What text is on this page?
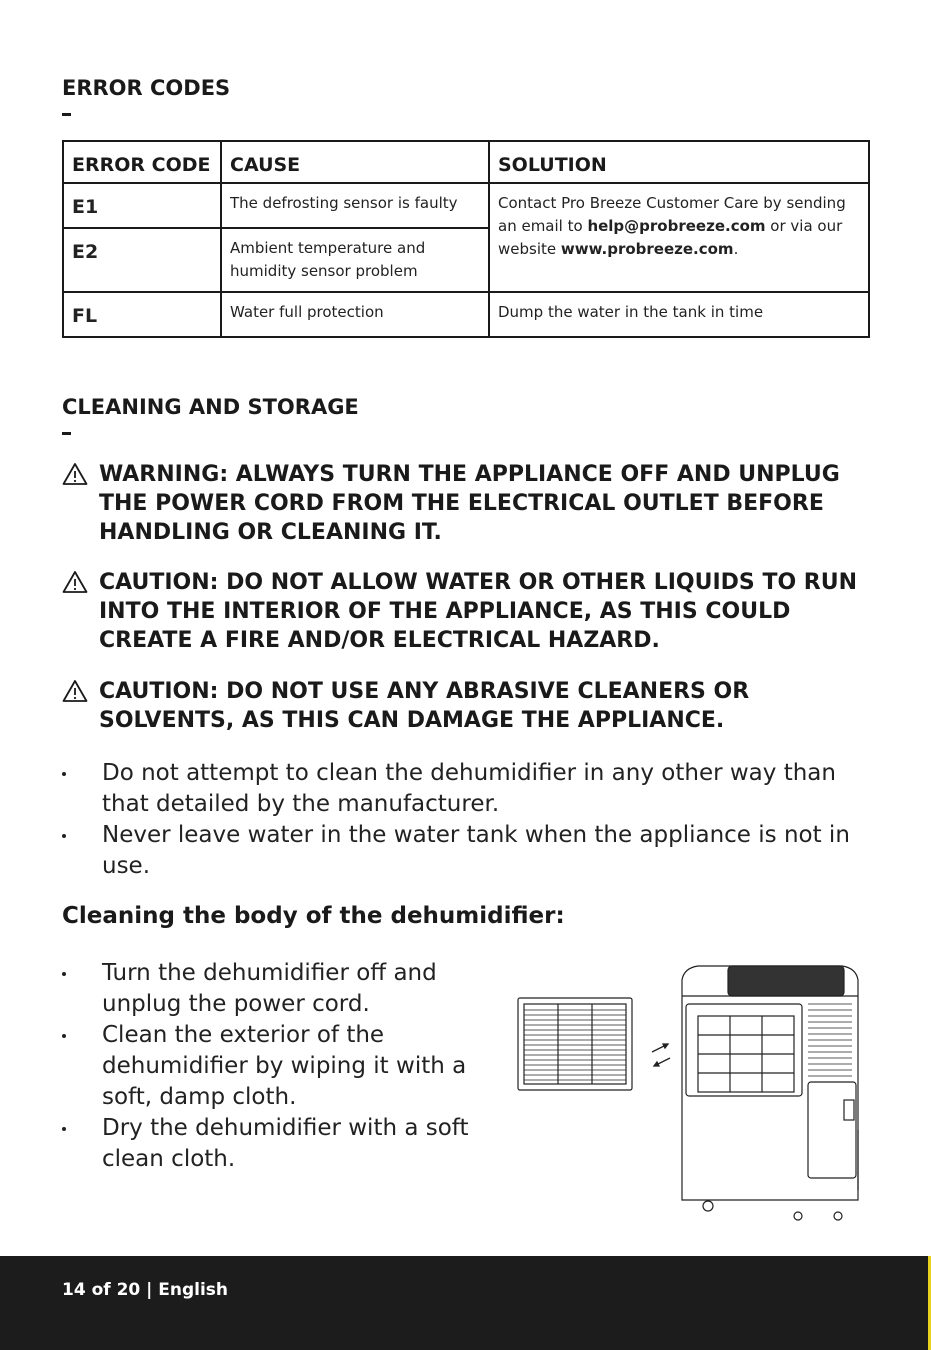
ERROR CODES
ERROR CODE	CAUSE	SOLUTION
E1	The defrosting sensor is faulty	Contact Pro Breeze Customer Care by sending an email to help@probreeze.com or via our website www.probreeze.com.
E2	Ambient temperature and humidity sensor problem	
FL	Water full protection	Dump the water in the tank in time
CLEANING AND STORAGE
WARNING: ALWAYS TURN THE APPLIANCE OFF AND UNPLUG THE POWER CORD FROM THE ELECTRICAL OUTLET BEFORE HANDLING OR CLEANING IT.
CAUTION: DO NOT ALLOW WATER OR OTHER LIQUIDS TO RUN INTO THE INTERIOR OF THE APPLIANCE, AS THIS COULD CREATE A FIRE AND/OR ELECTRICAL HAZARD.
CAUTION: DO NOT USE ANY ABRASIVE CLEANERS OR SOLVENTS, AS THIS CAN DAMAGE THE APPLIANCE.
Do not attempt to clean the dehumidifier in any other way than that detailed by the manufacturer.
Never leave water in the water tank when the appliance is not in use.
Cleaning the body of the dehumidifier:
Turn the dehumidifier off and unplug the power cord.
Clean the exterior of the dehumidifier by wiping it with a soft, damp cloth.
Dry the dehumidifier with a soft clean cloth.
14 of 20 | English
